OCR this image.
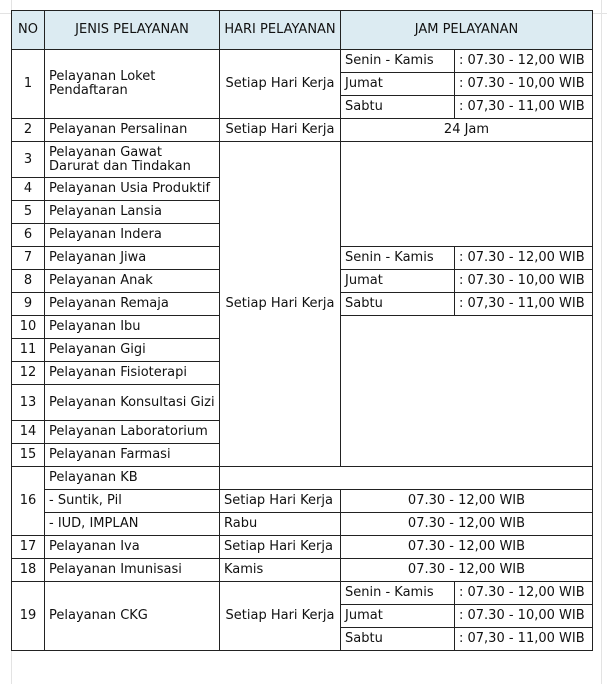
NO	JENIS PELAYANAN	HARI PELAYANAN	JAM PELAYANAN	
1	Pelayanan Loket Pendaftaran	Setiap Hari Kerja	Senin - Kamis	: 07.30 - 12,00 WIB
			Jumat	: 07.30 - 10,00 WIB
			Sabtu	: 07,30 - 11,00 WIB
2	Pelayanan Persalinan	Setiap Hari Kerja	24 Jam	
3	Pelayanan Gawat Darurat dan Tindakan	Setiap Hari Kerja		
4	Pelayanan Usia Produktif			
5	Pelayanan Lansia			
6	Pelayanan Indera			
7	Pelayanan Jiwa		Senin - Kamis	: 07.30 - 12,00 WIB
8	Pelayanan Anak		Jumat	: 07.30 - 10,00 WIB
9	Pelayanan Remaja		Sabtu	: 07,30 - 11,00 WIB
10	Pelayanan Ibu			
11	Pelayanan Gigi			
12	Pelayanan Fisioterapi			
13	Pelayanan Konsultasi Gizi			
14	Pelayanan Laboratorium			
15	Pelayanan Farmasi			
16	Pelayanan KB			
	- Suntik, Pil	Setiap Hari Kerja	07.30 - 12,00 WIB	
	- IUD, IMPLAN	Rabu	07.30 - 12,00 WIB	
17	Pelayanan Iva	Setiap Hari Kerja	07.30 - 12,00 WIB	
18	Pelayanan Imunisasi	Kamis	07.30 - 12,00 WIB	
19	Pelayanan CKG	Setiap Hari Kerja	Senin - Kamis	: 07.30 - 12,00 WIB
			Jumat	: 07.30 - 10,00 WIB
			Sabtu	: 07,30 - 11,00 WIB
